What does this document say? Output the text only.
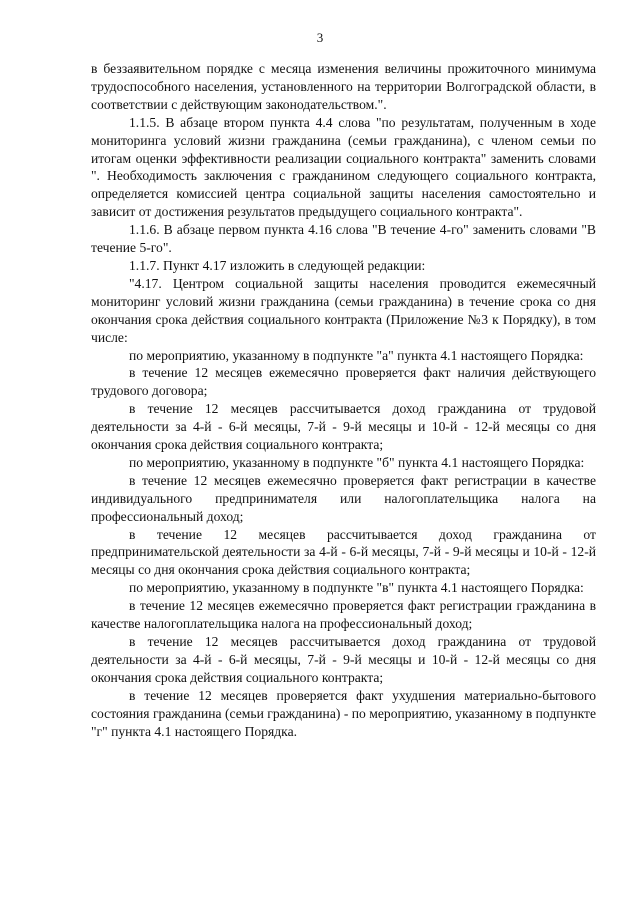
3

в беззаявительном порядке с месяца изменения величины прожиточного минимума трудоспособного населения, установленного на территории Волгоградской области, в соответствии с действующим законодательством.".

1.1.5. В абзаце втором пункта 4.4 слова "по результатам, полученным в ходе мониторинга условий жизни гражданина (семьи гражданина), с членом семьи по итогам оценки эффективности реализации социального контракта" заменить словами ". Необходимость заключения с гражданином следующего социального контракта, определяется комиссией центра социальной защиты населения самостоятельно и зависит от достижения результатов предыдущего социального контракта".

1.1.6. В абзаце первом пункта 4.16 слова "В течение 4-го" заменить словами "В течение 5-го".

1.1.7. Пункт 4.17 изложить в следующей редакции:

"4.17. Центром социальной защиты населения проводится ежемесячный мониторинг условий жизни гражданина (семьи гражданина) в течение срока со дня окончания срока действия социального контракта (Приложение №3 к Порядку), в том числе:

по мероприятию, указанному в подпункте "а" пункта 4.1 настоящего Порядка:

в течение 12 месяцев ежемесячно проверяется факт наличия действующего трудового договора;

в течение 12 месяцев рассчитывается доход гражданина от трудовой деятельности за 4-й - 6-й месяцы, 7-й - 9-й месяцы и 10-й - 12-й месяцы со дня окончания срока действия социального контракта;

по мероприятию, указанному в подпункте "б" пункта 4.1 настоящего Порядка:

в течение 12 месяцев ежемесячно проверяется факт регистрации в качестве индивидуального предпринимателя или налогоплательщика налога на профессиональный доход;

в течение 12 месяцев рассчитывается доход гражданина от предпринимательской деятельности за 4-й - 6-й месяцы, 7-й - 9-й месяцы и 10-й - 12-й месяцы со дня окончания срока действия социального контракта;

по мероприятию, указанному в подпункте "в" пункта 4.1 настоящего Порядка:

в течение 12 месяцев ежемесячно проверяется факт регистрации гражданина в качестве налогоплательщика налога на профессиональный доход;

в течение 12 месяцев рассчитывается доход гражданина от трудовой деятельности за 4-й - 6-й месяцы, 7-й - 9-й месяцы и 10-й - 12-й месяцы со дня окончания срока действия социального контракта;

в течение 12 месяцев проверяется факт ухудшения материально-бытового состояния гражданина (семьи гражданина) - по мероприятию, указанному в подпункте "г" пункта 4.1 настоящего Порядка.
